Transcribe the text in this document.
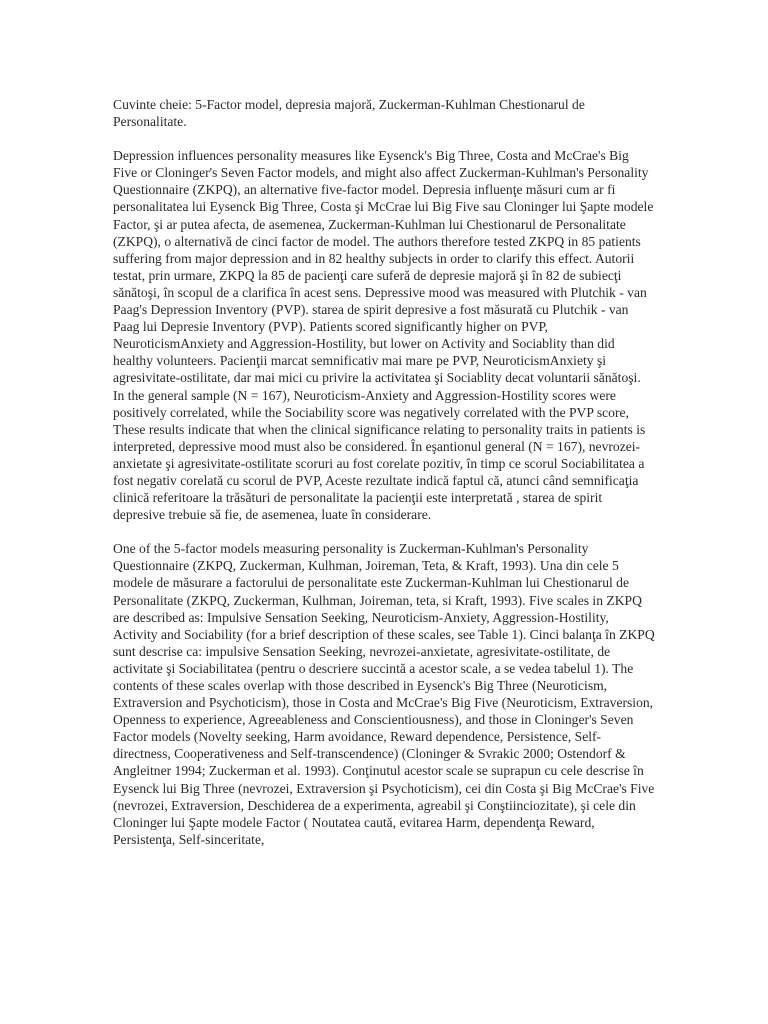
Cuvinte cheie: 5-Factor model, depresia majoră, Zuckerman-Kuhlman Chestionarul de Personalitate.

Depression influences personality measures like Eysenck's Big Three, Costa and McCrae's Big Five or Cloninger's Seven Factor models, and might also affect Zuckerman-Kuhlman's Personality Questionnaire (ZKPQ), an alternative five-factor model. Depresia influenţe măsuri cum ar fi personalitatea lui Eysenck Big Three, Costa şi McCrae lui Big Five sau Cloninger lui Şapte modele Factor, şi ar putea afecta, de asemenea, Zuckerman-Kuhlman lui Chestionarul de Personalitate (ZKPQ), o alternativă de cinci factor de model. The authors therefore tested ZKPQ in 85 patients suffering from major depression and in 82 healthy subjects in order to clarify this effect. Autorii testat, prin urmare, ZKPQ la 85 de pacienţi care suferă de depresie majoră şi în 82 de subiecţi sănătoşi, în scopul de a clarifica în acest sens. Depressive mood was measured with Plutchik - van Paag's Depression Inventory (PVP). starea de spirit depresive a fost măsurată cu Plutchik - van Paag lui Depresie Inventory (PVP). Patients scored significantly higher on PVP, NeuroticismAnxiety and Aggression-Hostility, but lower on Activity and Sociablity than did healthy volunteers. Pacienţii marcat semnificativ mai mare pe PVP, NeuroticismAnxiety şi agresivitate-ostilitate, dar mai mici cu privire la activitatea şi Sociablity decat voluntarii sănătoşi. In the general sample (N = 167), Neuroticism-Anxiety and Aggression-Hostility scores were positively correlated, while the Sociability score was negatively correlated with the PVP score, These results indicate that when the clinical significance relating to personality traits in patients is interpreted, depressive mood must also be considered. În eşantionul general (N = 167), nevrozei-anxietate şi agresivitate-ostilitate scoruri au fost corelate pozitiv, în timp ce scorul Sociabilitatea a fost negativ corelată cu scorul de PVP, Aceste rezultate indică faptul că, atunci când semnificaţia clinică referitoare la trăsături de personalitate la pacienţii este interpretată , starea de spirit depresive trebuie să fie, de asemenea, luate în considerare.

One of the 5-factor models measuring personality is Zuckerman-Kuhlman's Personality Questionnaire (ZKPQ, Zuckerman, Kulhman, Joireman, Teta, & Kraft, 1993). Una din cele 5 modele de măsurare a factorului de personalitate este Zuckerman-Kuhlman lui Chestionarul de Personalitate (ZKPQ, Zuckerman, Kulhman, Joireman, teta, si Kraft, 1993). Five scales in ZKPQ are described as: Impulsive Sensation Seeking, Neuroticism-Anxiety, Aggression-Hostility, Activity and Sociability (for a brief description of these scales, see Table 1). Cinci balanţa în ZKPQ sunt descrise ca: impulsive Sensation Seeking, nevrozei-anxietate, agresivitate-ostilitate, de activitate şi Sociabilitatea (pentru o descriere succintă a acestor scale, a se vedea tabelul 1). The contents of these scales overlap with those described in Eysenck's Big Three (Neuroticism, Extraversion and Psychoticism), those in Costa and McCrae's Big Five (Neuroticism, Extraversion, Openness to experience, Agreeableness and Conscientiousness), and those in Cloninger's Seven Factor models (Novelty seeking, Harm avoidance, Reward dependence, Persistence, Self-directness, Cooperativeness and Self-transcendence) (Cloninger & Svrakic 2000; Ostendorf & Angleitner 1994; Zuckerman et al. 1993). Conţinutul acestor scale se suprapun cu cele descrise în Eysenck lui Big Three (nevrozei, Extraversion şi Psychoticism), cei din Costa şi Big McCrae's Five (nevrozei, Extraversion, Deschiderea de a experimenta, agreabil şi Conştiinciozitate), şi cele din Cloninger lui Şapte modele Factor ( Noutatea caută, evitarea Harm, dependenţa Reward, Persistenţa, Self-sinceritate,
